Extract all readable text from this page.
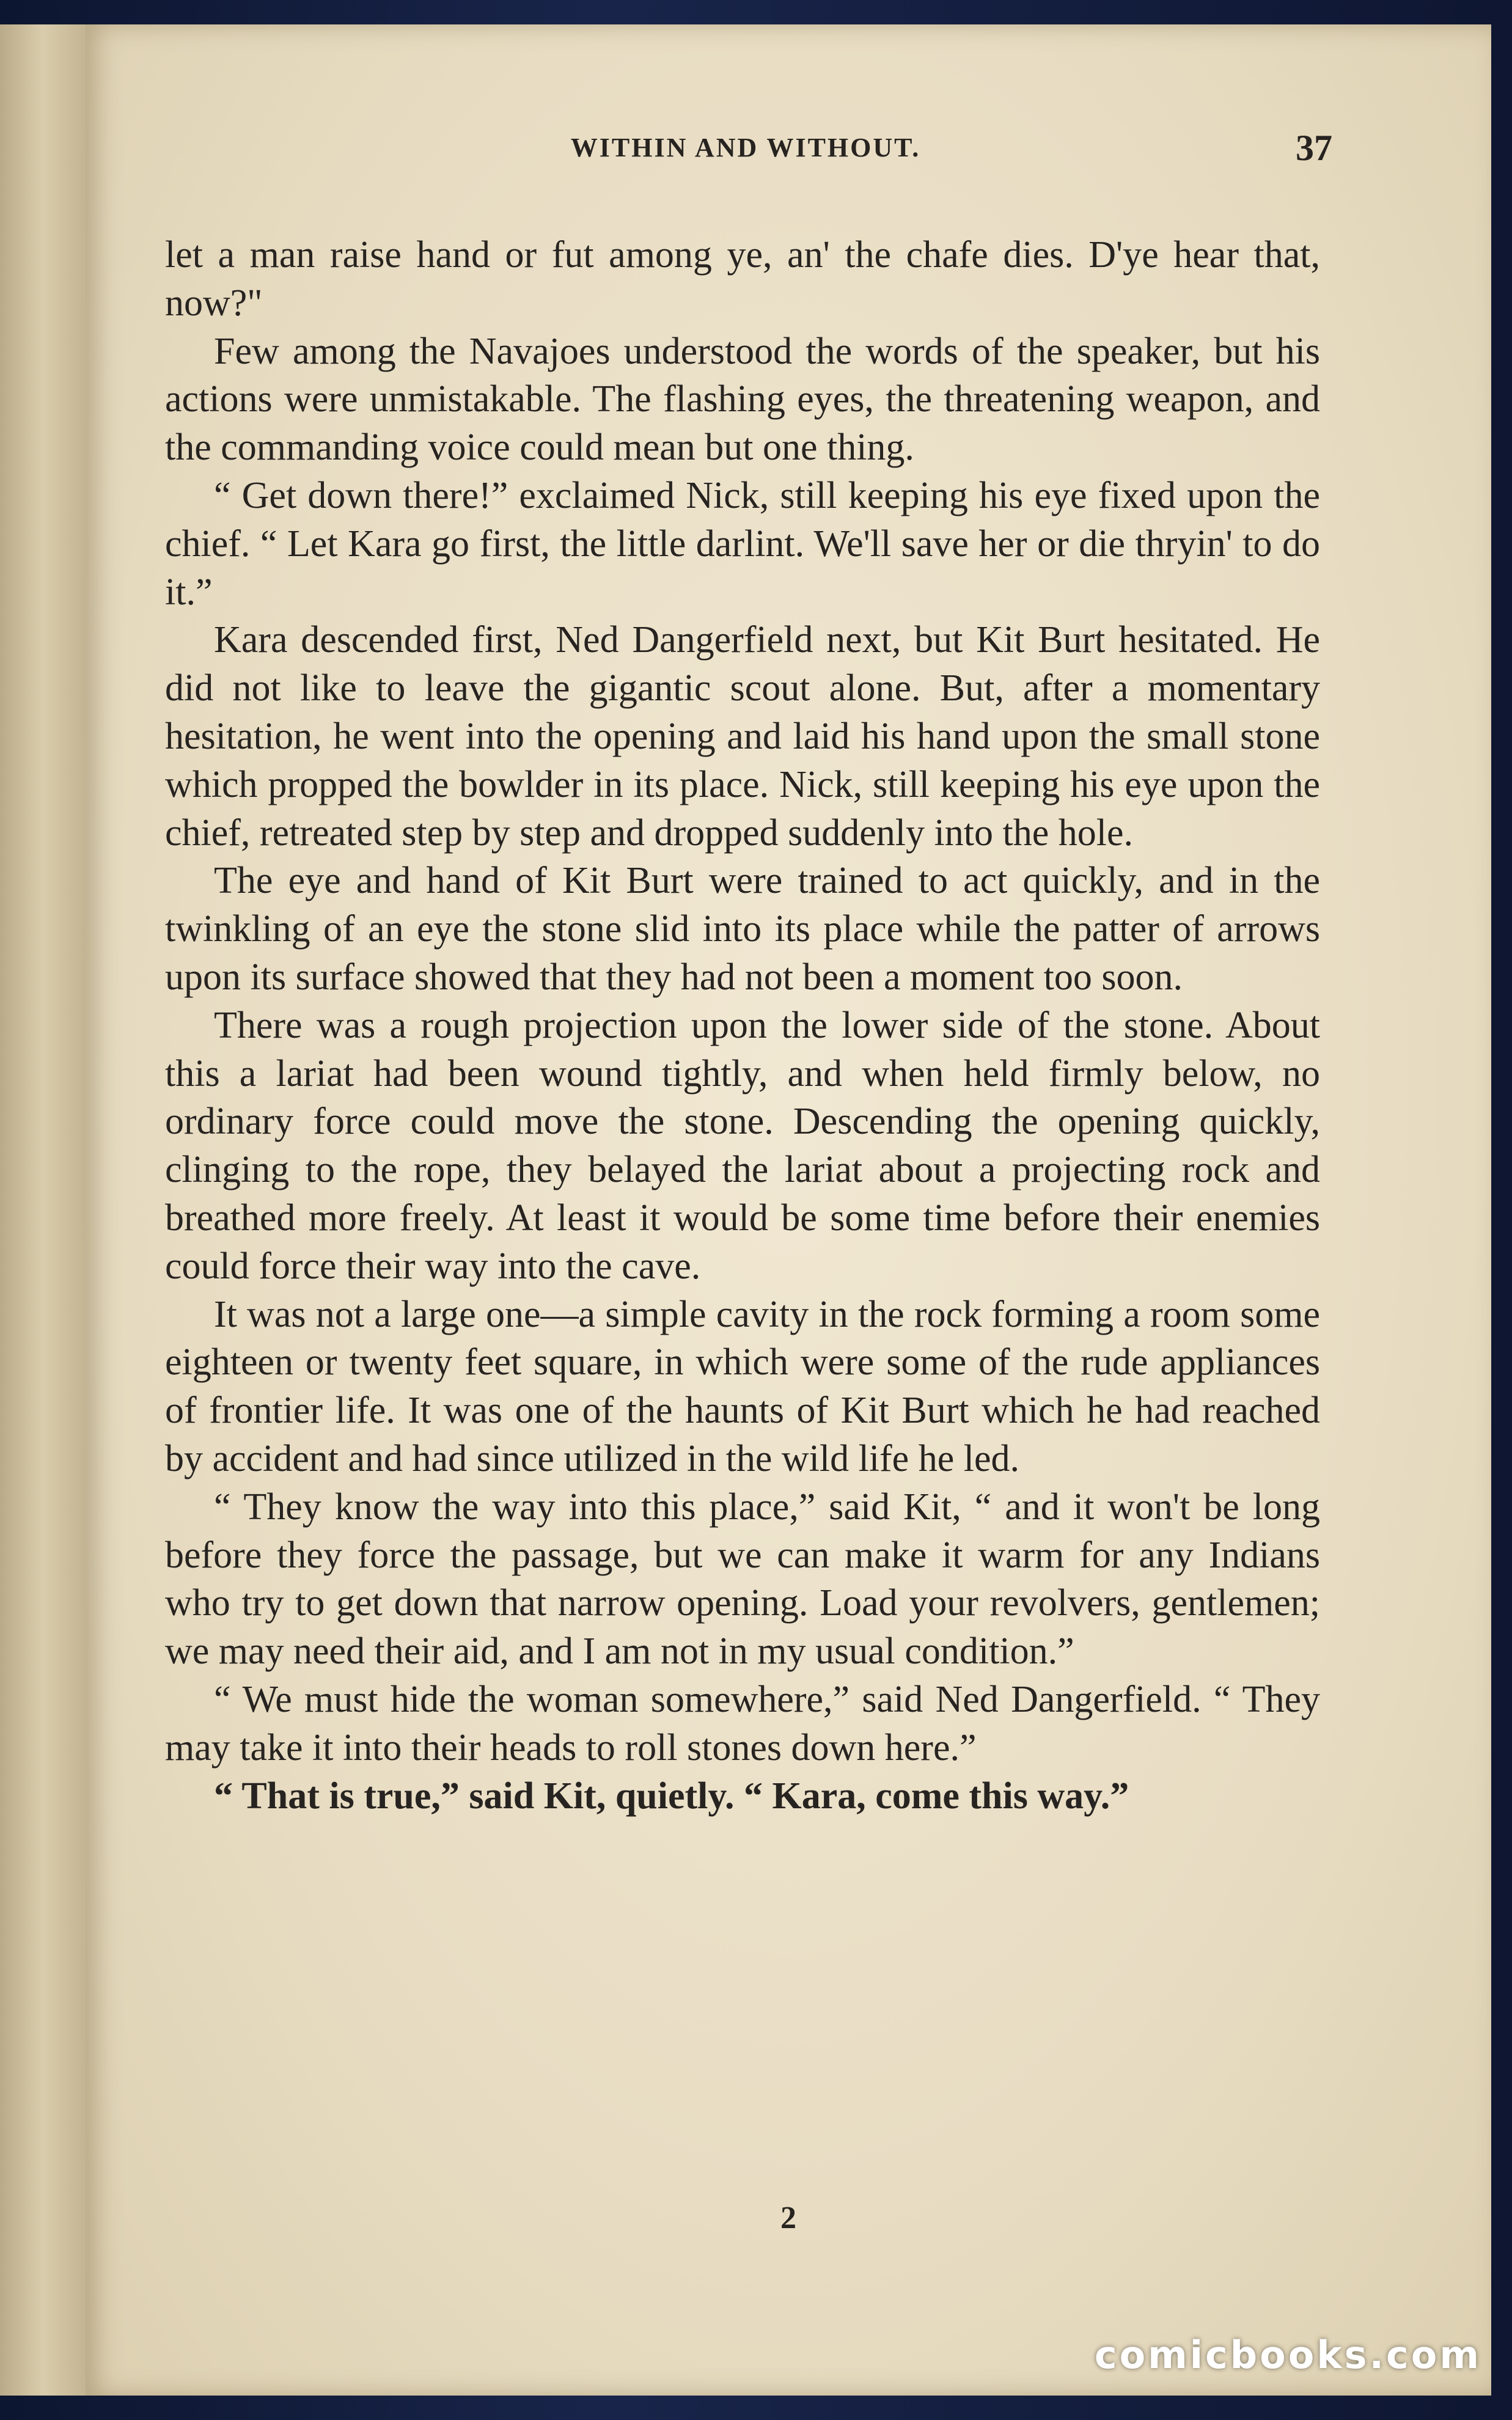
WITHIN AND WITHOUT.	37

let a man raise hand or fut among ye, an' the chafe dies. D'ye hear that, now?"

Few among the Navajoes understood the words of the speaker, but his actions were unmistakable. The flashing eyes, the threatening weapon, and the commanding voice could mean but one thing.

“ Get down there!” exclaimed Nick, still keeping his eye fixed upon the chief. “ Let Kara go first, the little darlint. We'll save her or die thryin' to do it.”

Kara descended first, Ned Dangerfield next, but Kit Burt hesitated. He did not like to leave the gigantic scout alone. But, after a momentary hesitation, he went into the opening and laid his hand upon the small stone which propped the bowlder in its place. Nick, still keeping his eye upon the chief, retreated step by step and dropped suddenly into the hole.

The eye and hand of Kit Burt were trained to act quickly, and in the twinkling of an eye the stone slid into its place while the patter of arrows upon its surface showed that they had not been a moment too soon.

There was a rough projection upon the lower side of the stone. About this a lariat had been wound tightly, and when held firmly below, no ordinary force could move the stone. Descending the opening quickly, clinging to the rope, they belayed the lariat about a projecting rock and breathed more freely. At least it would be some time before their enemies could force their way into the cave.

It was not a large one—a simple cavity in the rock forming a room some eighteen or twenty feet square, in which were some of the rude appliances of frontier life. It was one of the haunts of Kit Burt which he had reached by accident and had since utilized in the wild life he led.

“ They know the way into this place,” said Kit, “ and it won't be long before they force the passage, but we can make it warm for any Indians who try to get down that narrow opening. Load your revolvers, gentlemen; we may need their aid, and I am not in my usual condition.”

“ We must hide the woman somewhere,” said Ned Dangerfield. “ They may take it into their heads to roll stones down here.”

“ That is true,” said Kit, quietly. “ Kara, come this way.”

2
comicbooks.com
